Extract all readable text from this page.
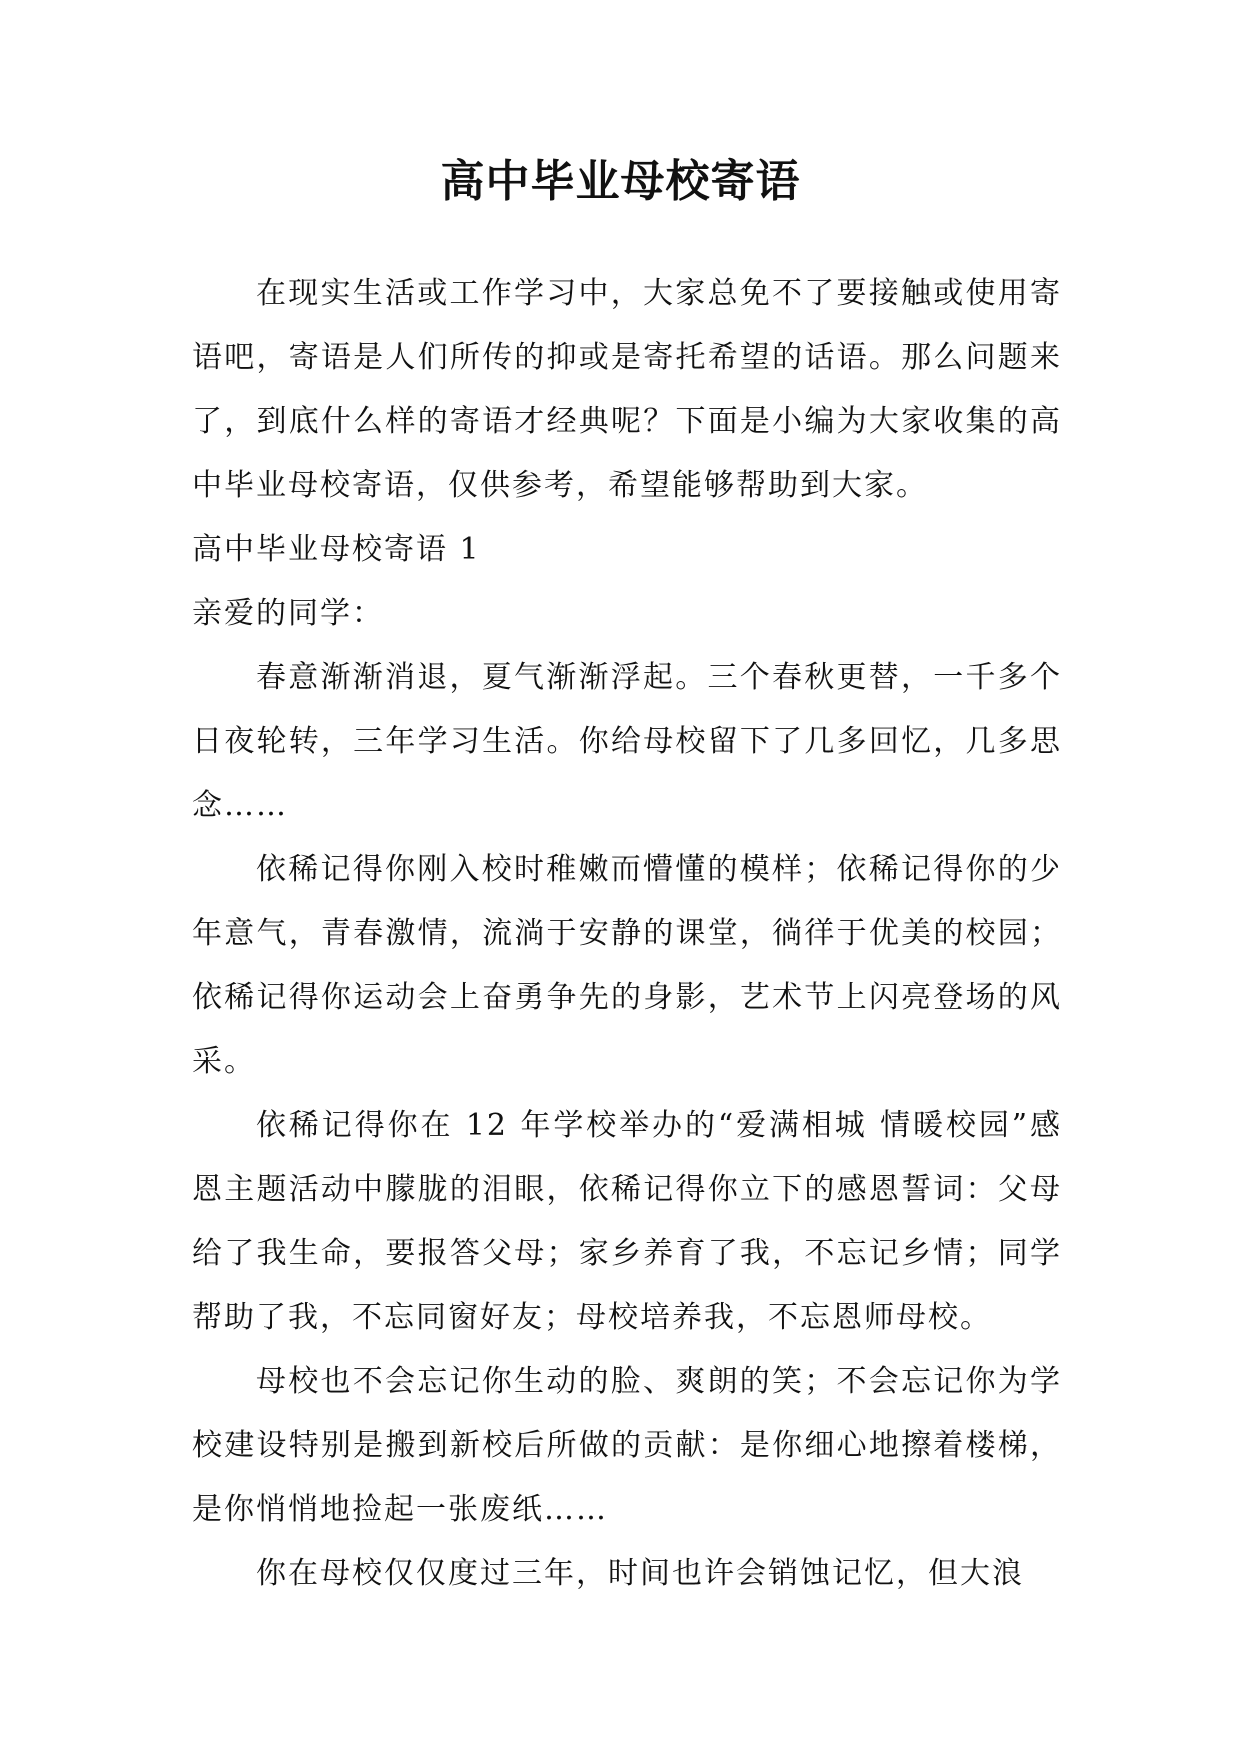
高中毕业母校寄语

在现实生活或工作学习中，大家总免不了要接触或使用寄语吧，寄语是人们所传的抑或是寄托希望的话语。那么问题来了，到底什么样的寄语才经典呢？下面是小编为大家收集的高中毕业母校寄语，仅供参考，希望能够帮助到大家。

高中毕业母校寄语 1

亲爱的同学：

春意渐渐消退，夏气渐渐浮起。三个春秋更替，一千多个日夜轮转，三年学习生活。你给母校留下了几多回忆，几多思念……

依稀记得你刚入校时稚嫩而懵懂的模样；依稀记得你的少年意气，青春激情，流淌于安静的课堂，徜徉于优美的校园；依稀记得你运动会上奋勇争先的身影，艺术节上闪亮登场的风采。

依稀记得你在 12 年学校举办的“爱满相城 情暖校园”感恩主题活动中朦胧的泪眼，依稀记得你立下的感恩誓词：父母给了我生命，要报答父母；家乡养育了我，不忘记乡情；同学帮助了我，不忘同窗好友；母校培养我，不忘恩师母校。

母校也不会忘记你生动的脸、爽朗的笑；不会忘记你为学校建设特别是搬到新校后所做的贡献：是你细心地擦着楼梯，是你悄悄地捡起一张废纸……

你在母校仅仅度过三年，时间也许会销蚀记忆，但大浪
